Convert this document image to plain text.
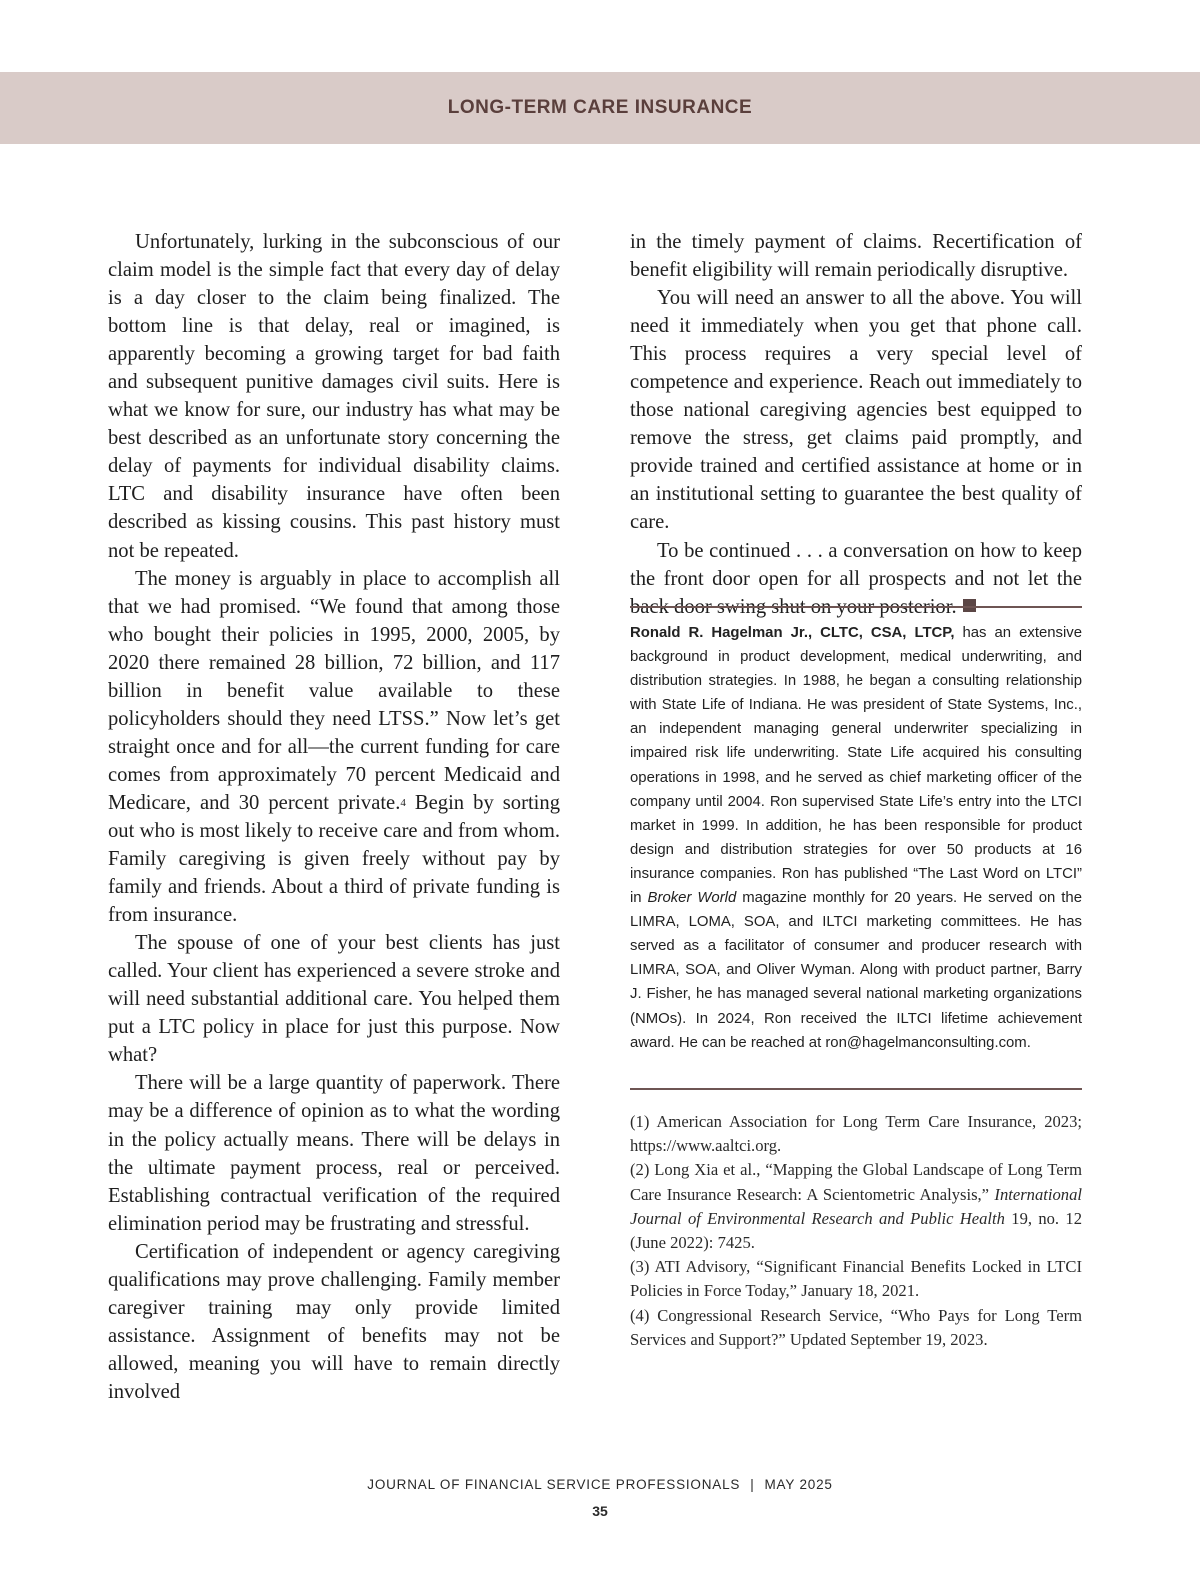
LONG-TERM CARE INSURANCE

Unfortunately, lurking in the subconscious of our claim model is the simple fact that every day of delay is a day closer to the claim being finalized. The bottom line is that delay, real or imagined, is apparently becoming a growing target for bad faith and subsequent punitive damages civil suits. Here is what we know for sure, our industry has what may be best described as an unfortunate story concerning the delay of payments for individual disability claims. LTC and disability insurance have often been described as kissing cousins. This past history must not be repeated.

The money is arguably in place to accomplish all that we had promised. “We found that among those who bought their policies in 1995, 2000, 2005, by 2020 there remained 28 billion, 72 billion, and 117 billion in benefit value available to these policyholders should they need LTSS.” Now let’s get straight once and for all—the current funding for care comes from approximately 70 percent Medicaid and Medicare, and 30 percent private.$^4$ Begin by sorting out who is most likely to receive care and from whom. Family caregiving is given freely without pay by family and friends. About a third of private funding is from insurance.

The spouse of one of your best clients has just called. Your client has experienced a severe stroke and will need substantial additional care. You helped them put a LTC policy in place for just this purpose. Now what?

There will be a large quantity of paperwork. There may be a difference of opinion as to what the wording in the policy actually means. There will be delays in the ultimate payment process, real or perceived. Establishing contractual verification of the required elimination period may be frustrating and stressful.

Certification of independent or agency caregiving qualifications may prove challenging. Family member caregiver training may only provide limited assistance. Assignment of benefits may not be allowed, meaning you will have to remain directly involved

in the timely payment of claims. Recertification of benefit eligibility will remain periodically disruptive.

You will need an answer to all the above. You will need it immediately when you get that phone call. This process requires a very special level of competence and experience. Reach out immediately to those national caregiving agencies best equipped to remove the stress, get claims paid promptly, and provide trained and certified assistance at home or in an institutional setting to guarantee the best quality of care.

To be continued . . . a conversation on how to keep the front door open for all prospects and not let the back door swing shut on your posterior.

Ronald R. Hagelman Jr., CLTC, CSA, LTCP, has an extensive background in product development, medical underwriting, and distribution strategies. In 1988, he began a consulting relationship with State Life of Indiana. He was president of State Systems, Inc., an independent managing general underwriter specializing in impaired risk life underwriting. State Life acquired his consulting operations in 1998, and he served as chief marketing officer of the company until 2004. Ron supervised State Life’s entry into the LTCI market in 1999. In addition, he has been responsible for product design and distribution strategies for over 50 products at 16 insurance companies. Ron has published “The Last Word on LTCI” in Broker World magazine monthly for 20 years. He served on the LIMRA, LOMA, SOA, and ILTCI marketing committees. He has served as a facilitator of consumer and producer research with LIMRA, SOA, and Oliver Wyman. Along with product partner, Barry J. Fisher, he has managed several national marketing organizations (NMOs). In 2024, Ron received the ILTCI lifetime achievement award. He can be reached at ron@hagelmanconsulting.com.

(1) American Association for Long Term Care Insurance, 2023; https://www.aaltci.org.

(2) Long Xia et al., “Mapping the Global Landscape of Long Term Care Insurance Research: A Scientometric Analysis,” International Journal of Environmental Research and Public Health 19, no. 12 (June 2022): 7425.

(3) ATI Advisory, “Significant Financial Benefits Locked in LTCI Policies in Force Today,” January 18, 2021.

(4) Congressional Research Service, “Who Pays for Long Term Services and Support?” Updated September 19, 2023.

JOURNAL OF FINANCIAL SERVICE PROFESSIONALS | MAY 2025
35
